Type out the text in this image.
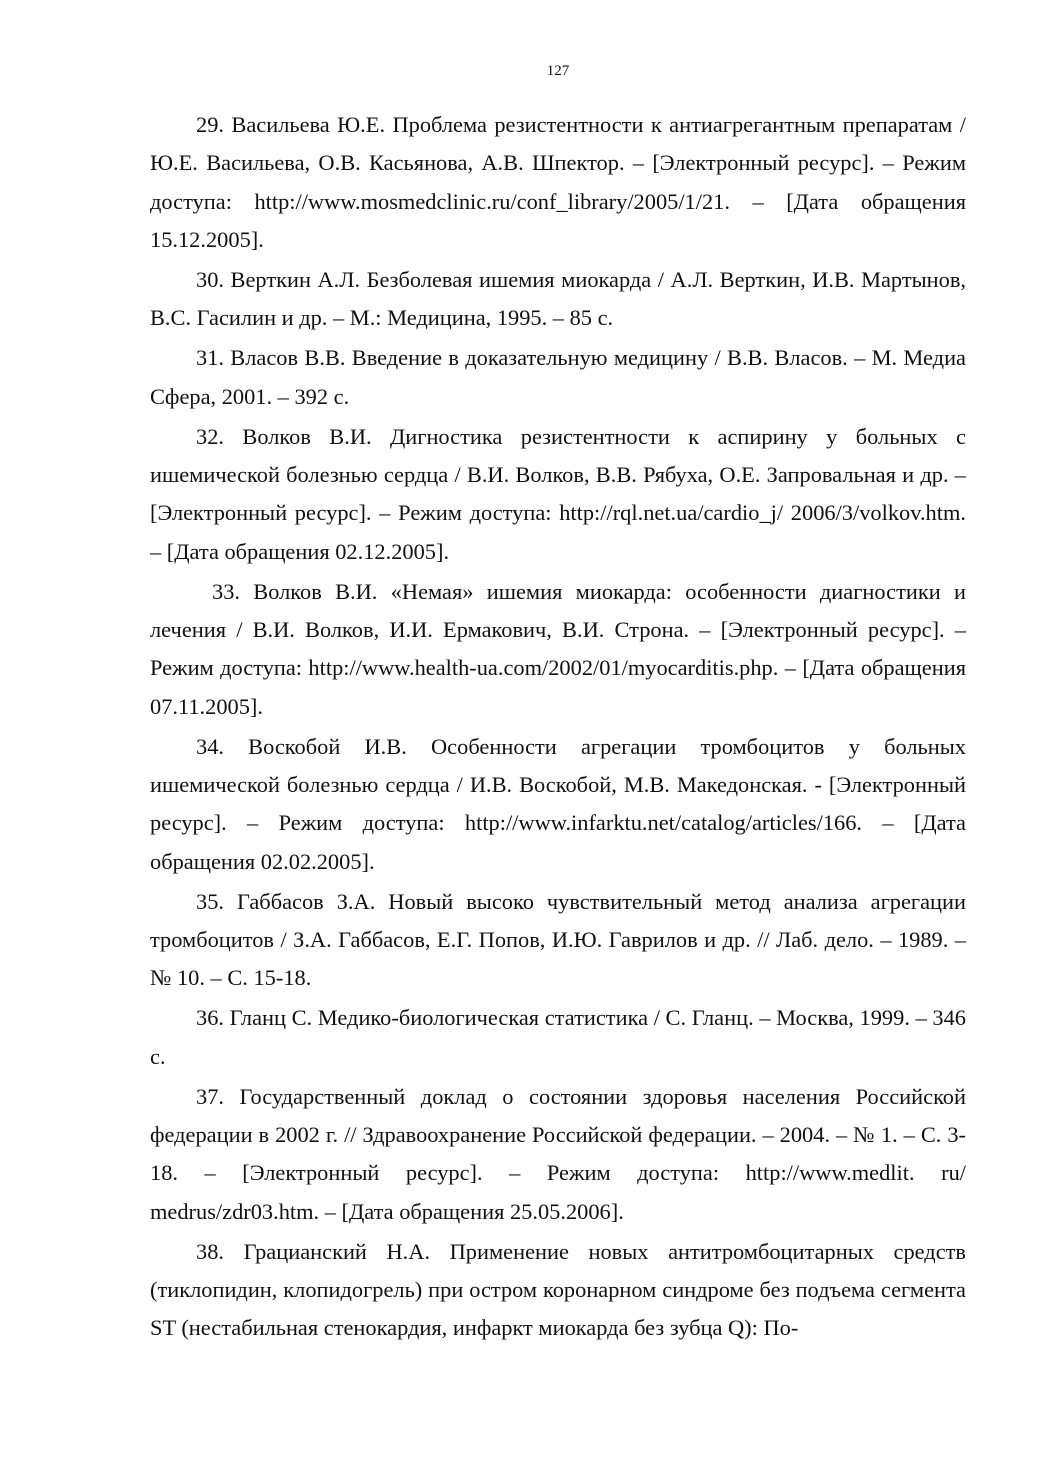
127

29. Васильева Ю.Е. Проблема резистентности к антиагрегантным препаратам / Ю.Е. Васильева, О.В. Касьянова, А.В. Шпектор. – [Электронный ресурс]. – Режим доступа: http://www.mosmedclinic.ru/conf_library/2005/1/21. – [Дата обращения 15.12.2005].

30. Верткин А.Л. Безболевая ишемия миокарда / А.Л. Верткин, И.В. Мартынов, В.С. Гасилин и др. – М.: Медицина, 1995. – 85 с.

31. Власов В.В. Введение в доказательную медицину / В.В. Власов. – М. Медиа Сфера, 2001. – 392 с.

32. Волков В.И. Дигностика резистентности к аспирину у больных с ишемической болезнью сердца / В.И. Волков, В.В. Рябуха, О.Е. Запровальная и др. – [Электронный ресурс]. – Режим доступа: http://rql.net.ua/cardio_j/ 2006/3/volkov.htm. – [Дата обращения 02.12.2005].

33. Волков В.И. «Немая» ишемия миокарда: особенности диагностики и лечения / В.И. Волков, И.И. Ермакович, В.И. Строна. – [Электронный ресурс]. – Режим доступа: http://www.health-ua.com/2002/01/myocarditis.php. – [Дата обращения 07.11.2005].

34. Воскобой И.В. Особенности агрегации тромбоцитов у больных ишемической болезнью сердца / И.В. Воскобой, М.В. Македонская. - [Электронный ресурс]. – Режим доступа: http://www.infarktu.net/catalog/articles/166. – [Дата обращения 02.02.2005].

35. Габбасов З.А. Новый высоко чувствительный метод анализа агрегации тромбоцитов / З.А. Габбасов, Е.Г. Попов, И.Ю. Гаврилов и др. // Лаб. дело. – 1989. – № 10. – С. 15-18.

36. Гланц С. Медико-биологическая статистика / С. Гланц. – Москва, 1999. – 346 с.

37. Государственный доклад о состоянии здоровья населения Российской федерации в 2002 г. // Здравоохранение Российской федерации. – 2004. – № 1. – С. 3-18. – [Электронный ресурс]. – Режим доступа: http://www.medlit. ru/ medrus/zdr03.htm. – [Дата обращения 25.05.2006].

38. Грацианский Н.А. Применение новых антитромбоцитарных средств (тиклопидин, клопидогрель) при остром коронарном синдроме без подъема сегмента ST (нестабильная стенокардия, инфаркт миокарда без зубца Q): По-
